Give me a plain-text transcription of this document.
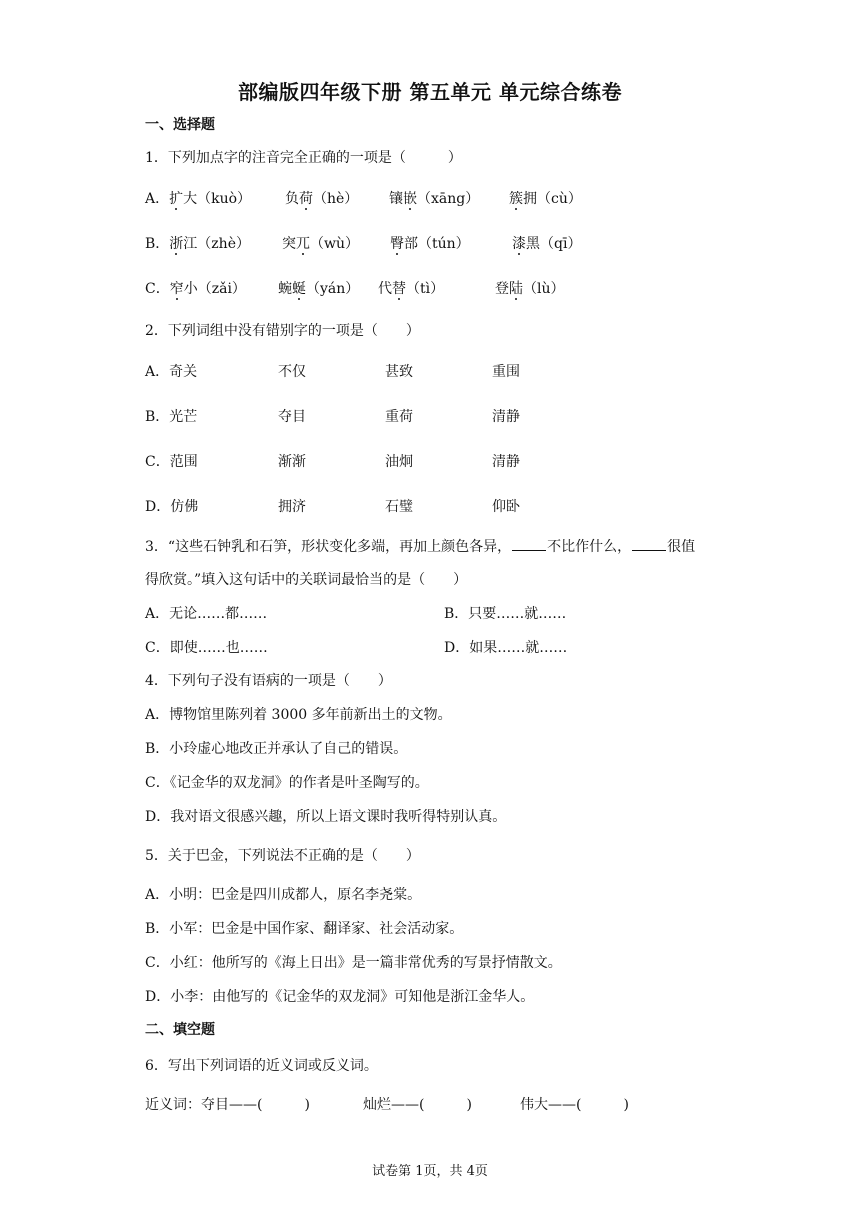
部编版四年级下册 第五单元 单元综合练卷
一、选择题
1．下列加点字的注音完全正确的一项是（　　　）
A．扩大（kuò） 负荷（hè） 镶嵌（xāng） 簇拥（cù）
B．浙江（zhè） 突兀（wù） 臀部（tún）	漆黑（qī）
C．窄小（zǎi） 蜿蜒（yán） 代替（tì）	登陆（lù）
2．下列词组中没有错别字的一项是（　　）
A．奇关	不仅	甚致	重围
B．光芒	夺目	重荷	清静
C．范围	渐渐	油炯	清静
D．仿佛	拥济	石璧	仰卧
3．“这些石钟乳和石笋，形状变化多端，再加上颜色各异，	不比作什么，	很值
得欣赏。”填入这句话中的关联词最恰当的是（　　）
A．无论……都……	B．只要……就……
C．即使……也……	D．如果……就……
4．下列句子没有语病的一项是（　　）
A．博物馆里陈列着 3000 多年前新出土的文物。
B．小玲虚心地改正并承认了自己的错误。
C．《记金华的双龙洞》的作者是叶圣陶写的。
D．我对语文很感兴趣，所以上语文课时我听得特别认真。
5．关于巴金，下列说法不正确的是（　　）
A．小明：巴金是四川成都人，原名李尧棠。
B．小军：巴金是中国作家、翻译家、社会活动家。
C．小红：他所写的《海上日出》是一篇非常优秀的写景抒情散文。
D．小李：由他写的《记金华的双龙洞》可知他是浙江金华人。
二、填空题
6．写出下列词语的近义词或反义词。
近义词：夺目——(　　　)	灿烂——(　　　)	伟大——(　　　)
试卷第 1页，共 4页
